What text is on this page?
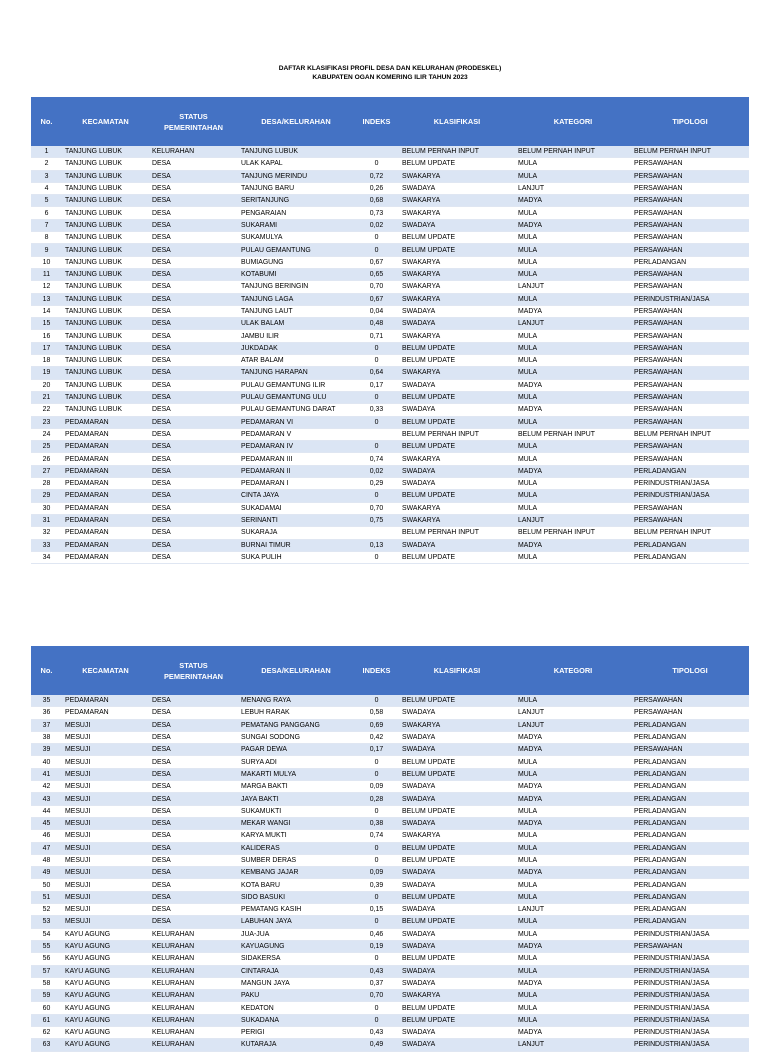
DAFTAR KLASIFIKASI PROFIL DESA DAN KELURAHAN (PRODESKEL)
KABUPATEN OGAN KOMERING ILIR TAHUN 2023
No.	KECAMATAN	STATUS PEMERINTAHAN	DESA/KELURAHAN	INDEKS	KLASIFIKASI	KATEGORI	TIPOLOGI
1	TANJUNG LUBUK	KELURAHAN	TANJUNG LUBUK		BELUM PERNAH INPUT	BELUM PERNAH INPUT	BELUM PERNAH INPUT
2	TANJUNG LUBUK	DESA	ULAK KAPAL	0	BELUM UPDATE	MULA	PERSAWAHAN
3	TANJUNG LUBUK	DESA	TANJUNG MERINDU	0,72	SWAKARYA	MULA	PERSAWAHAN
4	TANJUNG LUBUK	DESA	TANJUNG BARU	0,26	SWADAYA	LANJUT	PERSAWAHAN
5	TANJUNG LUBUK	DESA	SERITANJUNG	0,68	SWAKARYA	MADYA	PERSAWAHAN
6	TANJUNG LUBUK	DESA	PENGARAIAN	0,73	SWAKARYA	MULA	PERSAWAHAN
7	TANJUNG LUBUK	DESA	SUKARAMI	0,02	SWADAYA	MADYA	PERSAWAHAN
8	TANJUNG LUBUK	DESA	SUKAMULYA	0	BELUM UPDATE	MULA	PERSAWAHAN
9	TANJUNG LUBUK	DESA	PULAU GEMANTUNG	0	BELUM UPDATE	MULA	PERSAWAHAN
10	TANJUNG LUBUK	DESA	BUMIAGUNG	0,67	SWAKARYA	MULA	PERLADANGAN
11	TANJUNG LUBUK	DESA	KOTABUMI	0,65	SWAKARYA	MULA	PERSAWAHAN
12	TANJUNG LUBUK	DESA	TANJUNG BERINGIN	0,70	SWAKARYA	LANJUT	PERSAWAHAN
13	TANJUNG LUBUK	DESA	TANJUNG LAGA	0,67	SWAKARYA	MULA	PERINDUSTRIAN/JASA
14	TANJUNG LUBUK	DESA	TANJUNG LAUT	0,04	SWADAYA	MADYA	PERSAWAHAN
15	TANJUNG LUBUK	DESA	ULAK BALAM	0,48	SWADAYA	LANJUT	PERSAWAHAN
16	TANJUNG LUBUK	DESA	JAMBU ILIR	0,71	SWAKARYA	MULA	PERSAWAHAN
17	TANJUNG LUBUK	DESA	JUKDADAK	0	BELUM UPDATE	MULA	PERSAWAHAN
18	TANJUNG LUBUK	DESA	ATAR BALAM	0	BELUM UPDATE	MULA	PERSAWAHAN
19	TANJUNG LUBUK	DESA	TANJUNG HARAPAN	0,64	SWAKARYA	MULA	PERSAWAHAN
20	TANJUNG LUBUK	DESA	PULAU GEMANTUNG ILIR	0,17	SWADAYA	MADYA	PERSAWAHAN
21	TANJUNG LUBUK	DESA	PULAU GEMANTUNG ULU	0	BELUM UPDATE	MULA	PERSAWAHAN
22	TANJUNG LUBUK	DESA	PULAU GEMANTUNG DARAT	0,33	SWADAYA	MADYA	PERSAWAHAN
23	PEDAMARAN	DESA	PEDAMARAN VI	0	BELUM UPDATE	MULA	PERSAWAHAN
24	PEDAMARAN	DESA	PEDAMARAN V		BELUM PERNAH INPUT	BELUM PERNAH INPUT	BELUM PERNAH INPUT
25	PEDAMARAN	DESA	PEDAMARAN IV	0	BELUM UPDATE	MULA	PERSAWAHAN
26	PEDAMARAN	DESA	PEDAMARAN III	0,74	SWAKARYA	MULA	PERSAWAHAN
27	PEDAMARAN	DESA	PEDAMARAN II	0,02	SWADAYA	MADYA	PERLADANGAN
28	PEDAMARAN	DESA	PEDAMARAN I	0,29	SWADAYA	MULA	PERINDUSTRIAN/JASA
29	PEDAMARAN	DESA	CINTA JAYA	0	BELUM UPDATE	MULA	PERINDUSTRIAN/JASA
30	PEDAMARAN	DESA	SUKADAMAI	0,70	SWAKARYA	MULA	PERSAWAHAN
31	PEDAMARAN	DESA	SERINANTI	0,75	SWAKARYA	LANJUT	PERSAWAHAN
32	PEDAMARAN	DESA	SUKARAJA		BELUM PERNAH INPUT	BELUM PERNAH INPUT	BELUM PERNAH INPUT
33	PEDAMARAN	DESA	BURNAI TIMUR	0,13	SWADAYA	MADYA	PERLADANGAN
34	PEDAMARAN	DESA	SUKA PULIH	0	BELUM UPDATE	MULA	PERLADANGAN
No.	KECAMATAN	STATUS PEMERINTAHAN	DESA/KELURAHAN	INDEKS	KLASIFIKASI	KATEGORI	TIPOLOGI
35	PEDAMARAN	DESA	MENANG RAYA	0	BELUM UPDATE	MULA	PERSAWAHAN
36	PEDAMARAN	DESA	LEBUH RARAK	0,58	SWADAYA	LANJUT	PERSAWAHAN
37	MESUJI	DESA	PEMATANG PANGGANG	0,69	SWAKARYA	LANJUT	PERLADANGAN
38	MESUJI	DESA	SUNGAI SODONG	0,42	SWADAYA	MADYA	PERLADANGAN
39	MESUJI	DESA	PAGAR DEWA	0,17	SWADAYA	MADYA	PERSAWAHAN
40	MESUJI	DESA	SURYA ADI	0	BELUM UPDATE	MULA	PERLADANGAN
41	MESUJI	DESA	MAKARTI MULYA	0	BELUM UPDATE	MULA	PERLADANGAN
42	MESUJI	DESA	MARGA BAKTI	0,09	SWADAYA	MADYA	PERLADANGAN
43	MESUJI	DESA	JAYA BAKTI	0,28	SWADAYA	MADYA	PERLADANGAN
44	MESUJI	DESA	SUKAMUKTI	0	BELUM UPDATE	MULA	PERLADANGAN
45	MESUJI	DESA	MEKAR WANGI	0,38	SWADAYA	MADYA	PERLADANGAN
46	MESUJI	DESA	KARYA MUKTI	0,74	SWAKARYA	MULA	PERLADANGAN
47	MESUJI	DESA	KALIDERAS	0	BELUM UPDATE	MULA	PERLADANGAN
48	MESUJI	DESA	SUMBER DERAS	0	BELUM UPDATE	MULA	PERLADANGAN
49	MESUJI	DESA	KEMBANG JAJAR	0,09	SWADAYA	MADYA	PERLADANGAN
50	MESUJI	DESA	KOTA BARU	0,39	SWADAYA	MULA	PERLADANGAN
51	MESUJI	DESA	SIDO BASUKI	0	BELUM UPDATE	MULA	PERLADANGAN
52	MESUJI	DESA	PEMATANG KASIH	0,15	SWADAYA	LANJUT	PERLADANGAN
53	MESUJI	DESA	LABUHAN JAYA	0	BELUM UPDATE	MULA	PERLADANGAN
54	KAYU AGUNG	KELURAHAN	JUA-JUA	0,46	SWADAYA	MULA	PERINDUSTRIAN/JASA
55	KAYU AGUNG	KELURAHAN	KAYUAGUNG	0,19	SWADAYA	MADYA	PERSAWAHAN
56	KAYU AGUNG	KELURAHAN	SIDAKERSA	0	BELUM UPDATE	MULA	PERINDUSTRIAN/JASA
57	KAYU AGUNG	KELURAHAN	CINTARAJA	0,43	SWADAYA	MULA	PERINDUSTRIAN/JASA
58	KAYU AGUNG	KELURAHAN	MANGUN JAYA	0,37	SWADAYA	MADYA	PERINDUSTRIAN/JASA
59	KAYU AGUNG	KELURAHAN	PAKU	0,70	SWAKARYA	MULA	PERINDUSTRIAN/JASA
60	KAYU AGUNG	KELURAHAN	KEDATON	0	BELUM UPDATE	MULA	PERINDUSTRIAN/JASA
61	KAYU AGUNG	KELURAHAN	SUKADANA	0	BELUM UPDATE	MULA	PERINDUSTRIAN/JASA
62	KAYU AGUNG	KELURAHAN	PERIGI	0,43	SWADAYA	MADYA	PERINDUSTRIAN/JASA
63	KAYU AGUNG	KELURAHAN	KUTARAJA	0,49	SWADAYA	LANJUT	PERINDUSTRIAN/JASA
